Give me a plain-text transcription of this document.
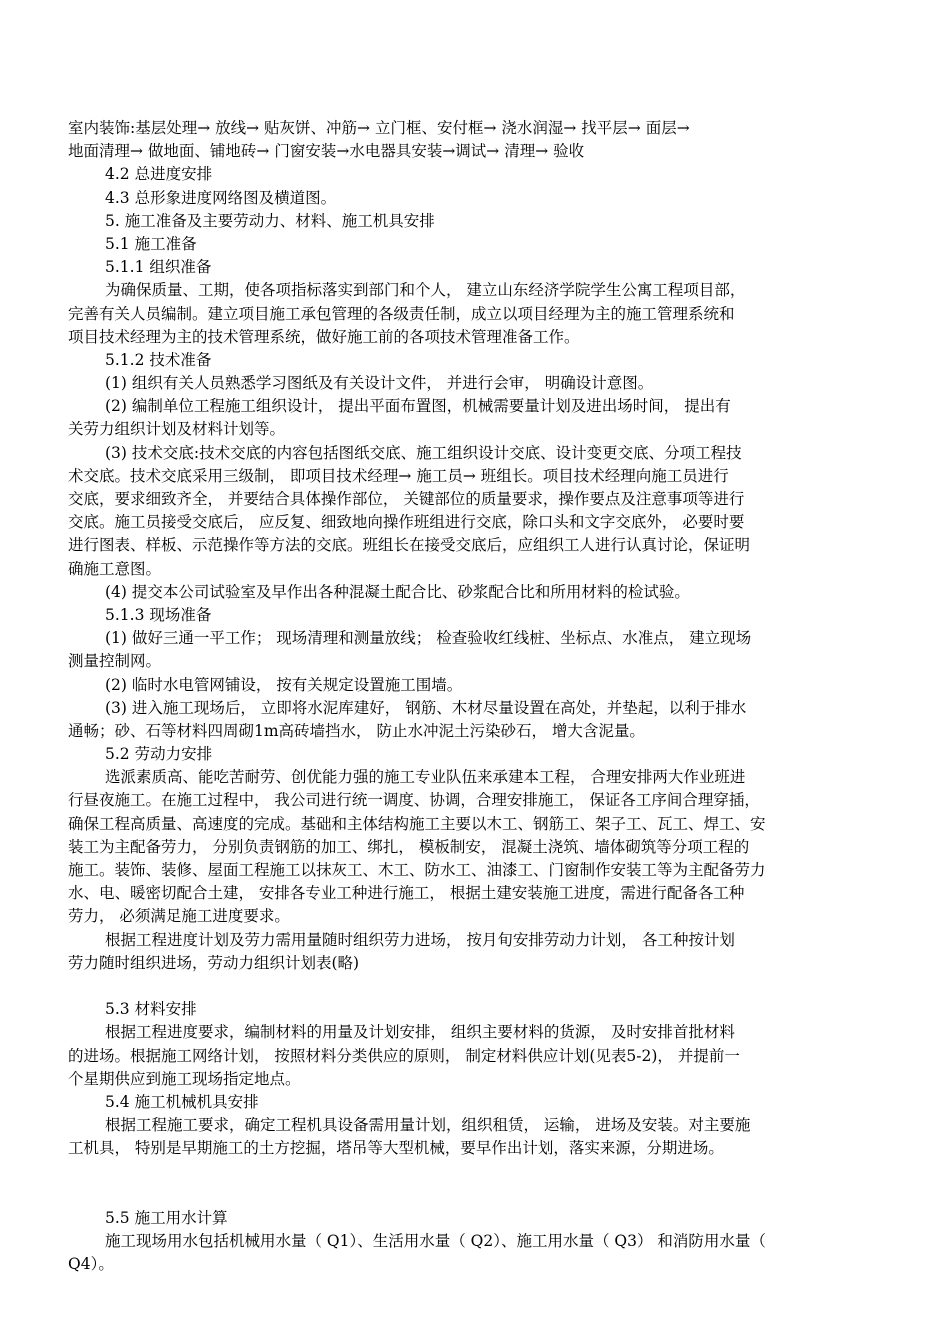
室内装饰:基层处理→ 放线→ 贴灰饼、冲筋→ 立门框、安付框→ 浇水润湿→ 找平层→ 面层→
地面清理→ 做地面、铺地砖→ 门窗安装→水电器具安装→调试→ 清理→ 验收
4.2 总进度安排
4.3 总形象进度网络图及横道图。
5. 施工准备及主要劳动力、材料、施工机具安排
5.1 施工准备
5.1.1 组织准备
为确保质量、工期，使各项指标落实到部门和个人， 建立山东经济学院学生公寓工程项目部，
完善有关人员编制。建立项目施工承包管理的各级责任制，成立以项目经理为主的施工管理系统和
项目技术经理为主的技术管理系统，做好施工前的各项技术管理准备工作。
5.1.2 技术准备
(1) 组织有关人员熟悉学习图纸及有关设计文件， 并进行会审， 明确设计意图。
(2) 编制单位工程施工组织设计， 提出平面布置图，机械需要量计划及进出场时间， 提出有
关劳力组织计划及材料计划等。
(3) 技术交底:技术交底的内容包括图纸交底、施工组织设计交底、设计变更交底、分项工程技
术交底。技术交底采用三级制， 即项目技术经理→ 施工员→ 班组长。项目技术经理向施工员进行
交底，要求细致齐全， 并要结合具体操作部位， 关键部位的质量要求，操作要点及注意事项等进行
交底。施工员接受交底后， 应反复、细致地向操作班组进行交底，除口头和文字交底外， 必要时要
进行图表、样板、示范操作等方法的交底。班组长在接受交底后，应组织工人进行认真讨论，保证明
确施工意图。
(4) 提交本公司试验室及早作出各种混凝土配合比、砂浆配合比和所用材料的检试验。
5.1.3 现场准备
(1) 做好三通一平工作； 现场清理和测量放线； 检查验收红线桩、坐标点、水准点， 建立现场
测量控制网。
(2) 临时水电管网铺设， 按有关规定设置施工围墙。
(3) 进入施工现场后， 立即将水泥库建好， 钢筋、木材尽量设置在高处，并垫起，以利于排水
通畅；砂、石等材料四周砌1m高砖墙挡水， 防止水冲泥土污染砂石， 增大含泥量。
5.2 劳动力安排
选派素质高、能吃苦耐劳、创优能力强的施工专业队伍来承建本工程， 合理安排两大作业班进
行昼夜施工。在施工过程中， 我公司进行统一调度、协调，合理安排施工， 保证各工序间合理穿插，
确保工程高质量、高速度的完成。基础和主体结构施工主要以木工、钢筋工、架子工、瓦工、焊工、安
装工为主配备劳力， 分别负责钢筋的加工、绑扎， 模板制安， 混凝土浇筑、墙体砌筑等分项工程的
施工。装饰、装修、屋面工程施工以抹灰工、木工、防水工、油漆工、门窗制作安装工等为主配备劳力
水、电、暖密切配合土建， 安排各专业工种进行施工， 根据土建安装施工进度，需进行配备各工种
劳力， 必须满足施工进度要求。
根据工程进度计划及劳力需用量随时组织劳力进场， 按月旬安排劳动力计划， 各工种按计划
劳力随时组织进场，劳动力组织计划表(略)
5.3 材料安排
根据工程进度要求，编制材料的用量及计划安排， 组织主要材料的货源， 及时安排首批材料
的进场。根据施工网络计划， 按照材料分类供应的原则， 制定材料供应计划(见表5-2)， 并提前一
个星期供应到施工现场指定地点。
5.4 施工机械机具安排
根据工程施工要求，确定工程机具设备需用量计划，组织租赁， 运输， 进场及安装。对主要施
工机具， 特别是早期施工的土方挖掘，塔吊等大型机械，要早作出计划，落实来源，分期进场。
5.5 施工用水计算
施工现场用水包括机械用水量（ Q1）、生活用水量（ Q2）、施工用水量（ Q3） 和消防用水量（
Q4）。
